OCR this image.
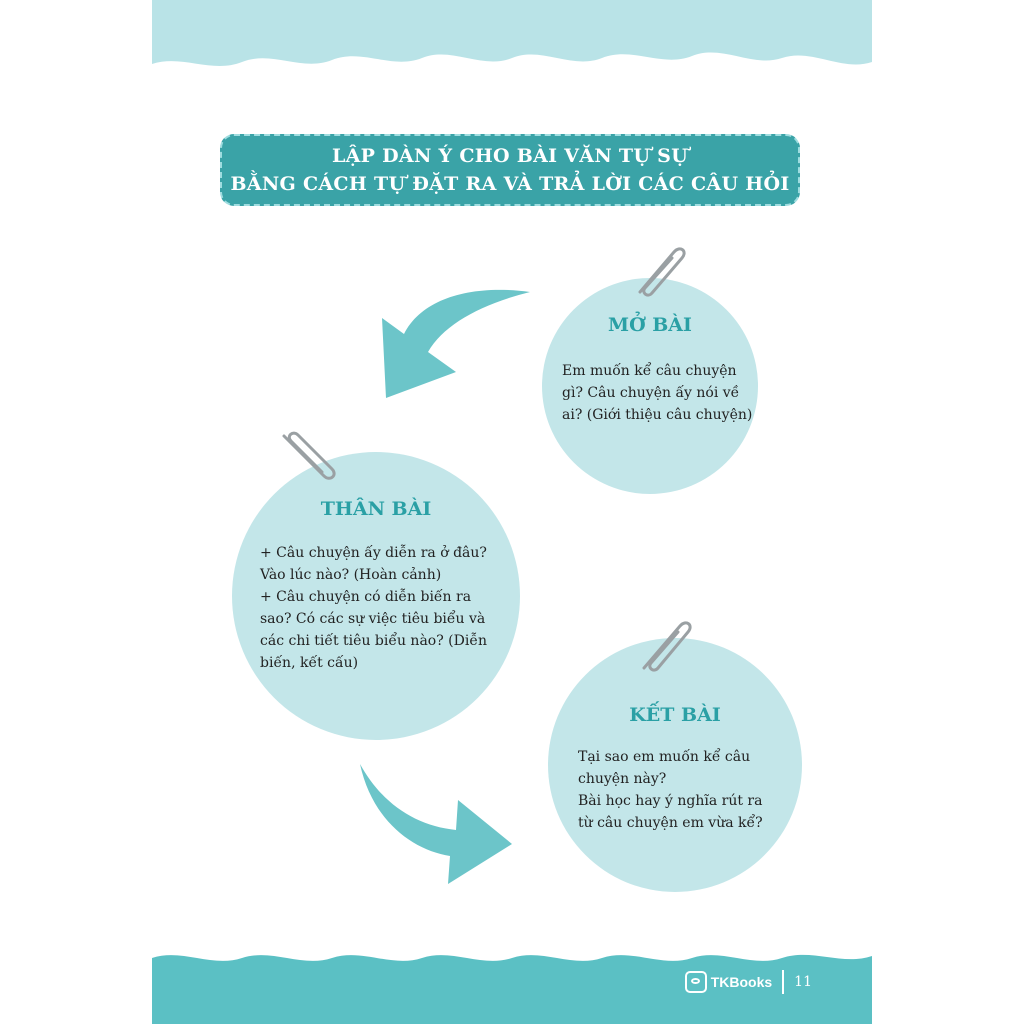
LẬP DÀN Ý CHO BÀI VĂN TỰ SỰ
BẰNG CÁCH TỰ ĐẶT RA VÀ TRẢ LỜI CÁC CÂU HỎI
MỞ BÀI
Em muốn kể câu chuyện
gì? Câu chuyện ấy nói về
ai? (Giới thiệu câu chuyện)
THÂN BÀI
+ Câu chuyện ấy diễn ra ở đâu?
Vào lúc nào? (Hoàn cảnh)
+ Câu chuyện có diễn biến ra
sao? Có các sự việc tiêu biểu và
các chi tiết tiêu biểu nào? (Diễn
biến, kết cấu)
KẾT BÀI
Tại sao em muốn kể câu
chuyện này?
Bài học hay ý nghĩa rút ra
từ câu chuyện em vừa kể?
TKBooks 11
